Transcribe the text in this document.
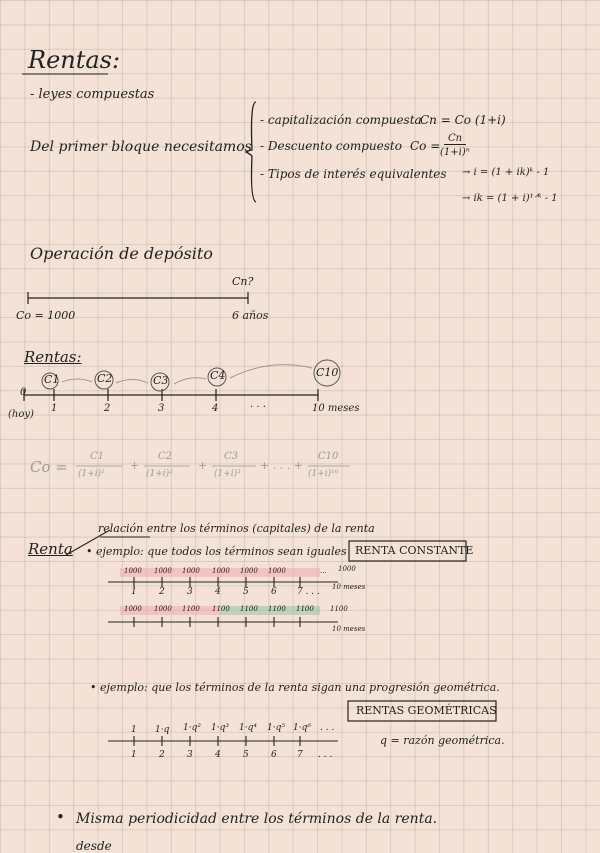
Rentas:
- leyes compuestas
Del primer bloque necesitamos
- capitalización compuesta
Cn = Co (1+i)
- Descuento compuesto Co =
Cn
(1+i)ⁿ
- Tipos de interés equivalentes → i = (1 + ik)ᵏ - 1
→ ik = (1 + i)¹ᐟᵏ - 1
Operación de depósito
Cn?
Co = 1000	6 años
Rentas:
C1	C2	C3	C4	C10
0
1	2	3	4	. . .	10 meses
(hoy)
Co =
C1
(1+i)¹
+
C2
(1+i)²
+
C3
(1+i)³
+ . . . +
C10
(1+i)¹⁰
Renta
relación entre los términos (capitales) de la renta
• ejemplo: que todos los términos sean iguales RENTA CONSTANTE
1000 1000 1000 1000 1000 1000	... 1000
1 2 3 4 5 6 7 . . . 10 meses
1000 1000 1100 1100 1100 1100 1100 1100
10 meses
• ejemplo: que los términos de la renta sigan una progresión geométrica.
RENTAS GEOMÉTRICAS
1 1·q 1·q² 1·q³ 1·q⁴ 1·q⁵ 1·q⁶ . . .
1 2 3 4 5 6 7 . . .
q = razón geométrica.
• Misma periodicidad entre los términos de la renta.
desde
